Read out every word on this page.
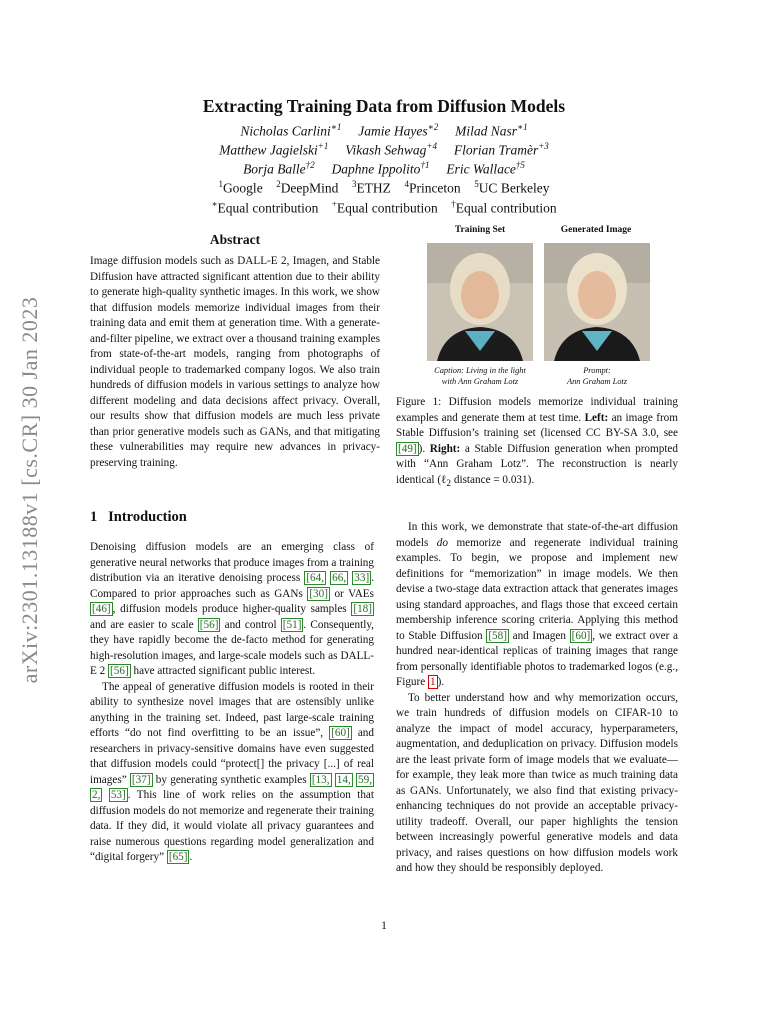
arXiv:2301.13188v1 [cs.CR] 30 Jan 2023
Extracting Training Data from Diffusion Models
Nicholas Carlini$^{∗1}$ Jamie Hayes$^{∗2}$ Milad Nasr$^{∗1}$
Matthew Jagielski$^{+1}$ Vikash Sehwag$^{+4}$ Florian Tramèr$^{+3}$
Borja Balle$^{\dagger 2}$ Daphne Ippolito$^{\dagger 1}$ Eric Wallace$^{\dagger 5}$
$^1$Google $^2$DeepMind $^3$ETHZ $^4$Princeton $^5$UC Berkeley
∗Equal contribution +Equal contribution †Equal contribution
Abstract
Image diffusion models such as DALL-E 2, Imagen, and Stable Diffusion have attracted significant attention due to their ability to generate high-quality synthetic images. In this work, we show that diffusion models memorize individual images from their training data and emit them at generation time. With a generate-and-filter pipeline, we extract over a thousand training examples from state-of-the-art models, ranging from photographs of individual people to trademarked company logos. We also train hundreds of diffusion models in various settings to analyze how different modeling and data decisions affect privacy. Overall, our results show that diffusion models are much less private than prior generative models such as GANs, and that mitigating these vulnerabilities may require new advances in privacy-preserving training.
Training Set	Generated Image
Caption: Living in the light
with Ann Graham Lotz
Prompt:
Ann Graham Lotz
Figure 1: Diffusion models memorize individual training examples and generate them at test time. Left: an image from Stable Diffusion’s training set (licensed CC BY-SA 3.0, see [49] ). Right: a Stable Diffusion generation when prompted with “Ann Graham Lotz”. The reconstruction is nearly identical (ℓ$_2$ distance = 0.031).
1 Introduction

Denoising diffusion models are an emerging class of generative neural networks that produce images from a training distribution via an iterative denoising process [64, 66, 33] . Compared to prior approaches such as GANs [30] or VAEs [46] , diffusion models produce higher-quality samples [18] and are easier to scale [56] and control [51] . Consequently, they have rapidly become the de-facto method for generating high-resolution images, and large-scale models such as DALL-E 2 [56] have attracted significant public interest.

The appeal of generative diffusion models is rooted in their ability to synthesize novel images that are ostensibly unlike anything in the training set. Indeed, past large-scale training efforts “do not find overfitting to be an issue”, [60] and researchers in privacy-sensitive domains have even suggested that diffusion models could “protect[] the privacy [...] of real images” [37] by generating synthetic examples [13, 14, 59, 2, 53] . This line of work relies on the assumption that diffusion models do not memorize and regenerate their training data. If they did, it would violate all privacy guarantees and raise numerous questions regarding model generalization and “digital forgery” [65] .

In this work, we demonstrate that state-of-the-art diffusion models do memorize and regenerate individual training examples. To begin, we propose and implement new definitions for “memorization” in image models. We then devise a two-stage data extraction attack that generates images using standard approaches, and flags those that exceed certain membership inference scoring criteria. Applying this method to Stable Diffusion [58] and Imagen [60] , we extract over a hundred near-identical replicas of training images that range from personally identifiable photos to trademarked logos (e.g., Figure 1 ).

To better understand how and why memorization occurs, we train hundreds of diffusion models on CIFAR-10 to analyze the impact of model accuracy, hyperparameters, augmentation, and deduplication on privacy. Diffusion models are the least private form of image models that we evaluate—for example, they leak more than twice as much training data as GANs. Unfortunately, we also find that existing privacy-enhancing techniques do not provide an acceptable privacy-utility tradeoff. Overall, our paper highlights the tension between increasingly powerful generative models and data privacy, and raises questions on how diffusion models work and how they should be responsibly deployed.

1
